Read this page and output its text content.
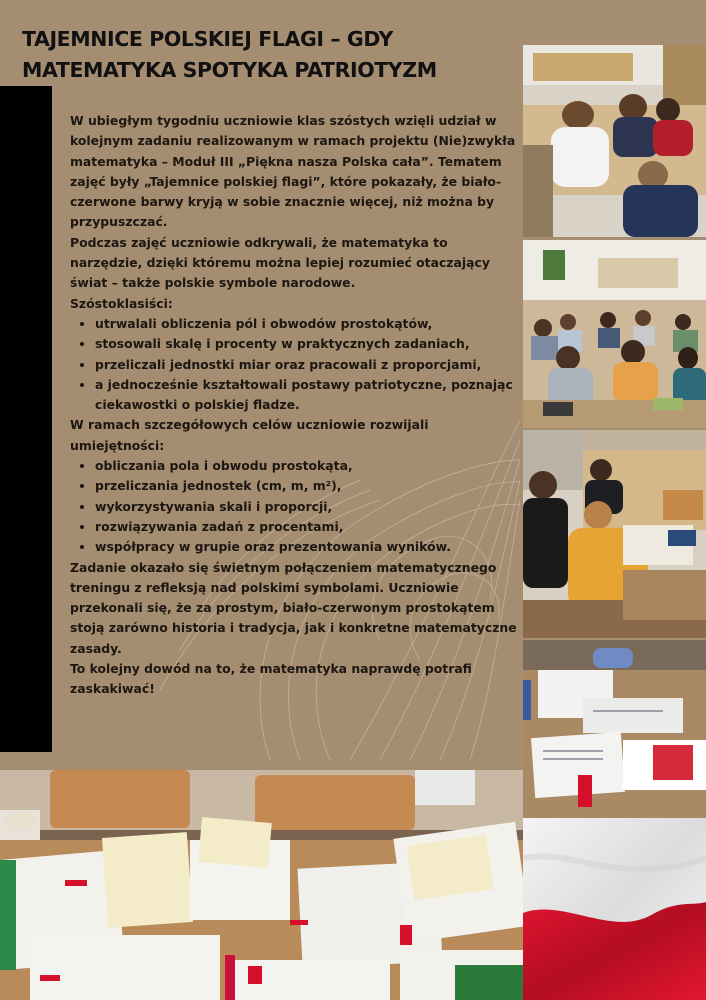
TAJEMNICE POLSKIEJ FLAGI – GDY
MATEMATYKA SPOTYKA PATRIOTYZM

W ubiegłym tygodniu uczniowie klas szóstych wzięli udział w kolejnym zadaniu realizowanym w ramach projektu (Nie)zwykła matematyka – Moduł III „Piękna nasza Polska cała”. Tematem zajęć były „Tajemnice polskiej flagi”, które pokazały, że biało-czerwone barwy kryją w sobie znacznie więcej, niż można by przypuszczać.

Podczas zajęć uczniowie odkrywali, że matematyka to narzędzie, dzięki któremu można lepiej rozumieć otaczający świat – także polskie symbole narodowe.

Szóstoklasiści:

• utrwalali obliczenia pól i obwodów prostokątów,
• stosowali skalę i procenty w praktycznych zadaniach,
• przeliczali jednostki miar oraz pracowali z proporcjami,
• a jednocześnie kształtowali postawy patriotyczne, poznając ciekawostki o polskiej fladze.

W ramach szczegółowych celów uczniowie rozwijali umiejętności:

• obliczania pola i obwodu prostokąta,
• przeliczania jednostek (cm, m, m²),
• wykorzystywania skali i proporcji,
• rozwiązywania zadań z procentami,
• współpracy w grupie oraz prezentowania wyników.

Zadanie okazało się świetnym połączeniem matematycznego treningu z refleksją nad polskimi symbolami. Uczniowie przekonali się, że za prostym, biało-czerwonym prostokątem stoją zarówno historia i tradycja, jak i konkretne matematyczne zasady.

To kolejny dowód na to, że matematyka naprawdę potrafi zaskakiwać!
